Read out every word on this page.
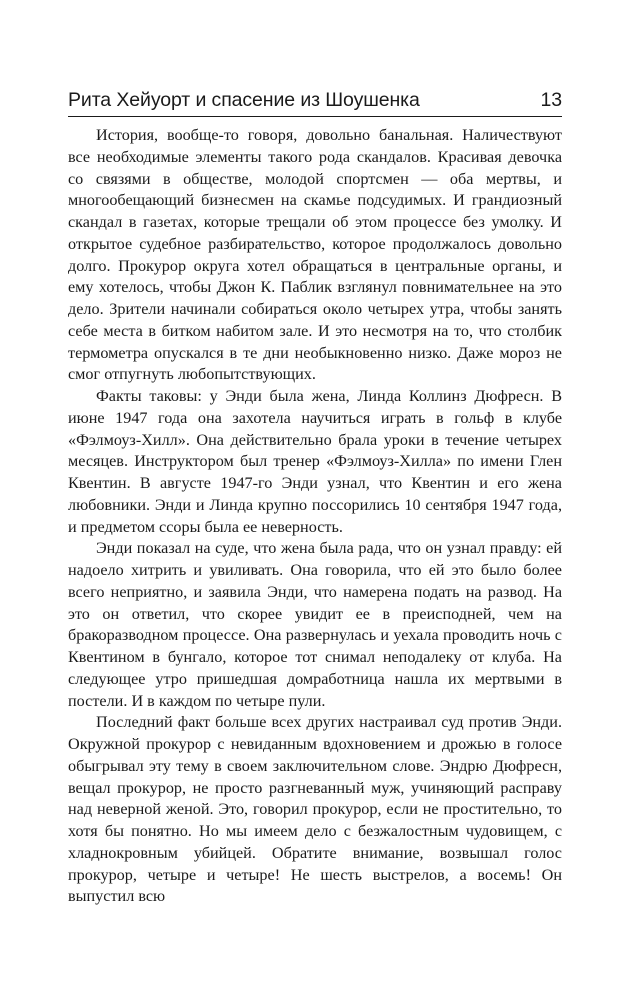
Рита Хейуорт и спасение из Шоушенка	13

История, вообще-то говоря, довольно банальная. Наличествуют все необходимые элементы такого рода скандалов. Красивая девочка со связями в обществе, молодой спортсмен — оба мертвы, и многообещающий бизнесмен на скамье подсудимых. И грандиозный скандал в газетах, которые трещали об этом процессе без умолку. И открытое судебное разбирательство, которое продолжалось довольно долго. Прокурор округа хотел обращаться в центральные органы, и ему хотелось, чтобы Джон К. Паблик взглянул повнимательнее на это дело. Зрители начинали собираться около четырех утра, чтобы занять себе места в битком набитом зале. И это несмотря на то, что столбик термометра опускался в те дни необыкновенно низко. Даже мороз не смог отпугнуть любопытствующих.

Факты таковы: у Энди была жена, Линда Коллинз Дюфресн. В июне 1947 года она захотела научиться играть в гольф в клубе «Фэлмоуз-Хилл». Она действительно брала уроки в течение четырех месяцев. Инструктором был тренер «Фэлмоуз-Хилла» по имени Глен Квентин. В августе 1947-го Энди узнал, что Квентин и его жена любовники. Энди и Линда крупно поссорились 10 сентября 1947 года, и предметом ссоры была ее неверность.

Энди показал на суде, что жена была рада, что он узнал правду: ей надоело хитрить и увиливать. Она говорила, что ей это было более всего неприятно, и заявила Энди, что намерена подать на развод. На это он ответил, что скорее увидит ее в преисподней, чем на бракоразводном процессе. Она развернулась и уехала проводить ночь с Квентином в бунгало, которое тот снимал неподалеку от клуба. На следующее утро пришедшая домработница нашла их мертвыми в постели. И в каждом по четыре пули.

Последний факт больше всех других настраивал суд против Энди. Окружной прокурор с невиданным вдохновением и дрожью в голосе обыгрывал эту тему в своем заключительном слове. Эндрю Дюфресн, вещал прокурор, не просто разгневанный муж, учиняющий расправу над неверной женой. Это, говорил прокурор, если не простительно, то хотя бы понятно. Но мы имеем дело с безжалостным чудовищем, с хладнокровным убийцей. Обратите внимание, возвышал голос прокурор, четыре и четыре! Не шесть выстрелов, а восемь! Он выпустил всю
